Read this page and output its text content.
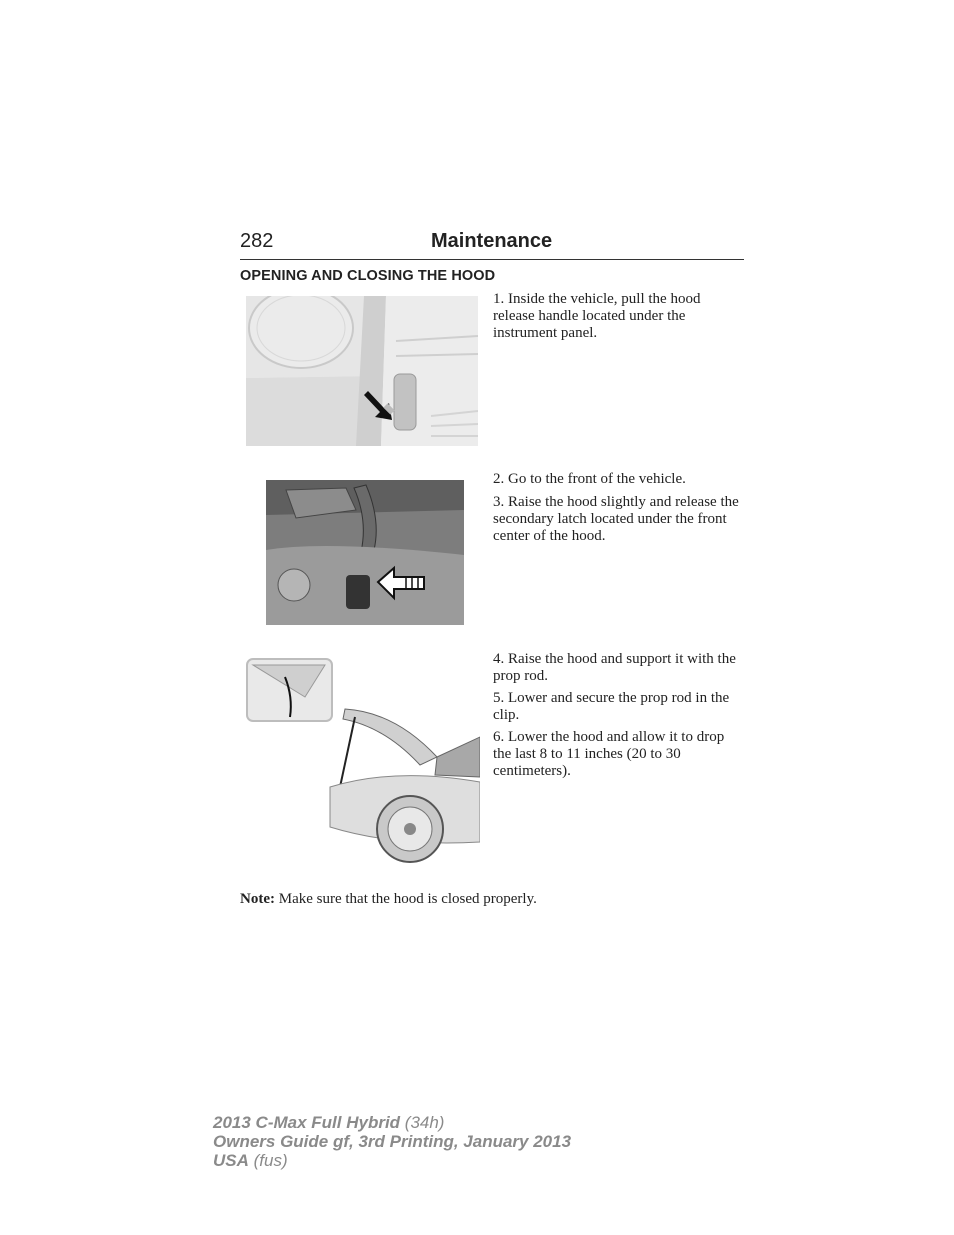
282	Maintenance
OPENING AND CLOSING THE HOOD

1. Inside the vehicle, pull the hood release handle located under the instrument panel.

2. Go to the front of the vehicle.

3. Raise the hood slightly and release the secondary latch located under the front center of the hood.

4. Raise the hood and support it with the prop rod.

5. Lower and secure the prop rod in the clip.

6. Lower the hood and allow it to drop the last 8 to 11 inches (20 to 30 centimeters).

Note: Make sure that the hood is closed properly.

2013 C-Max Full Hybrid (34h)
Owners Guide gf, 3rd Printing, January 2013
USA (fus)
